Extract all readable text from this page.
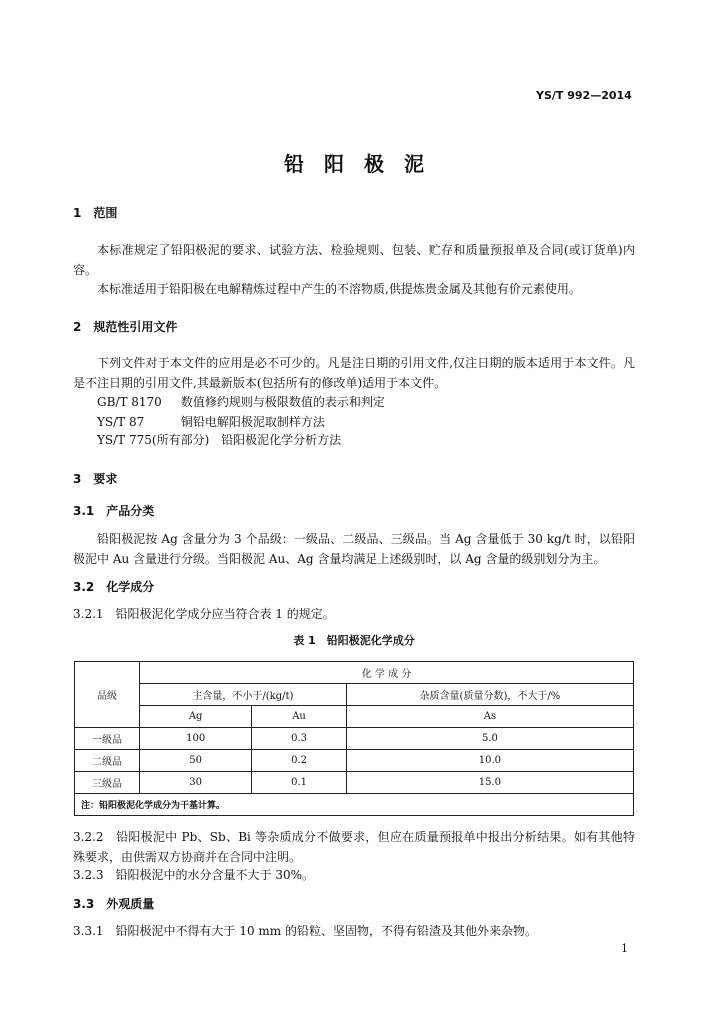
YS/T 992—2014
铅阳极泥
1　范围
本标准规定了铅阳极泥的要求、试验方法、检验规则、包装、贮存和质量预报单及合同(或订货单)内容。
本标准适用于铅阳极在电解精炼过程中产生的不溶物质,供提炼贵金属及其他有价元素使用。
2　规范性引用文件
下列文件对于本文件的应用是必不可少的。凡是注日期的引用文件,仅注日期的版本适用于本文件。凡是不注日期的引用文件,其最新版本(包括所有的修改单)适用于本文件。
GB/T 8170 数值修约规则与极限数值的表示和判定
YS/T 87	铜铅电解阳极泥取制样方法
YS/T 775(所有部分) 铅阳极泥化学分析方法
3　要求
3.1　产品分类
铅阳极泥按 Ag 含量分为 3 个品级：一级品、二级品、三级品。当 Ag 含量低于 30 kg/t 时，以铅阳极泥中 Au 含量进行分级。当阳极泥 Au、Ag 含量均满足上述级别时，以 Ag 含量的级别划分为主。
3.2　化学成分
3.2.1　铅阳极泥化学成分应当符合表 1 的规定。
表 1　铅阳极泥化学成分
品级	化 学 成 分		
	主含量，不小于/(kg/t)		杂质含量(质量分数)，不大于/%
	Ag	Au	As
一级品	100	0.3	5.0
二级品	50	0.2	10.0
三级品	30	0.1	15.0
注：铅阳极泥化学成分为干基计算。			
3.2.2　铅阳极泥中 Pb、Sb、Bi 等杂质成分不做要求，但应在质量预报单中报出分析结果。如有其他特殊要求，由供需双方协商并在合同中注明。
3.2.3　铅阳极泥中的水分含量不大于 30%。
3.3　外观质量
3.3.1　铅阳极泥中不得有大于 10 mm 的铅粒、坚固物，不得有铅渣及其他外来杂物。
1
